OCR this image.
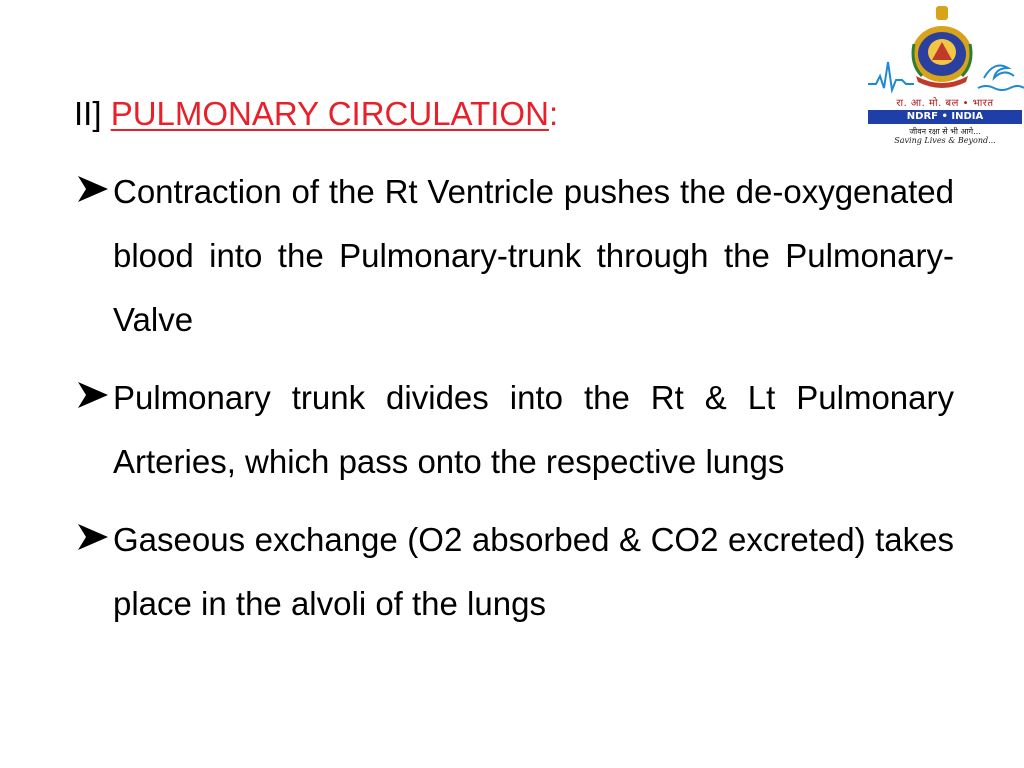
II] PULMONARY CIRCULATION:
Contraction of the Rt Ventricle pushes the de-oxygenated blood into the Pulmonary-trunk through the Pulmonary-Valve
Pulmonary trunk divides into the Rt & Lt Pulmonary Arteries, which pass onto the respective lungs
Gaseous exchange (O2 absorbed & CO2 excreted) takes place in the alvoli of the lungs
रा. आ. मो. बल • भारत
NDRF • INDIA
जीवन रक्षा से भी आगे...
Saving Lives & Beyond...
